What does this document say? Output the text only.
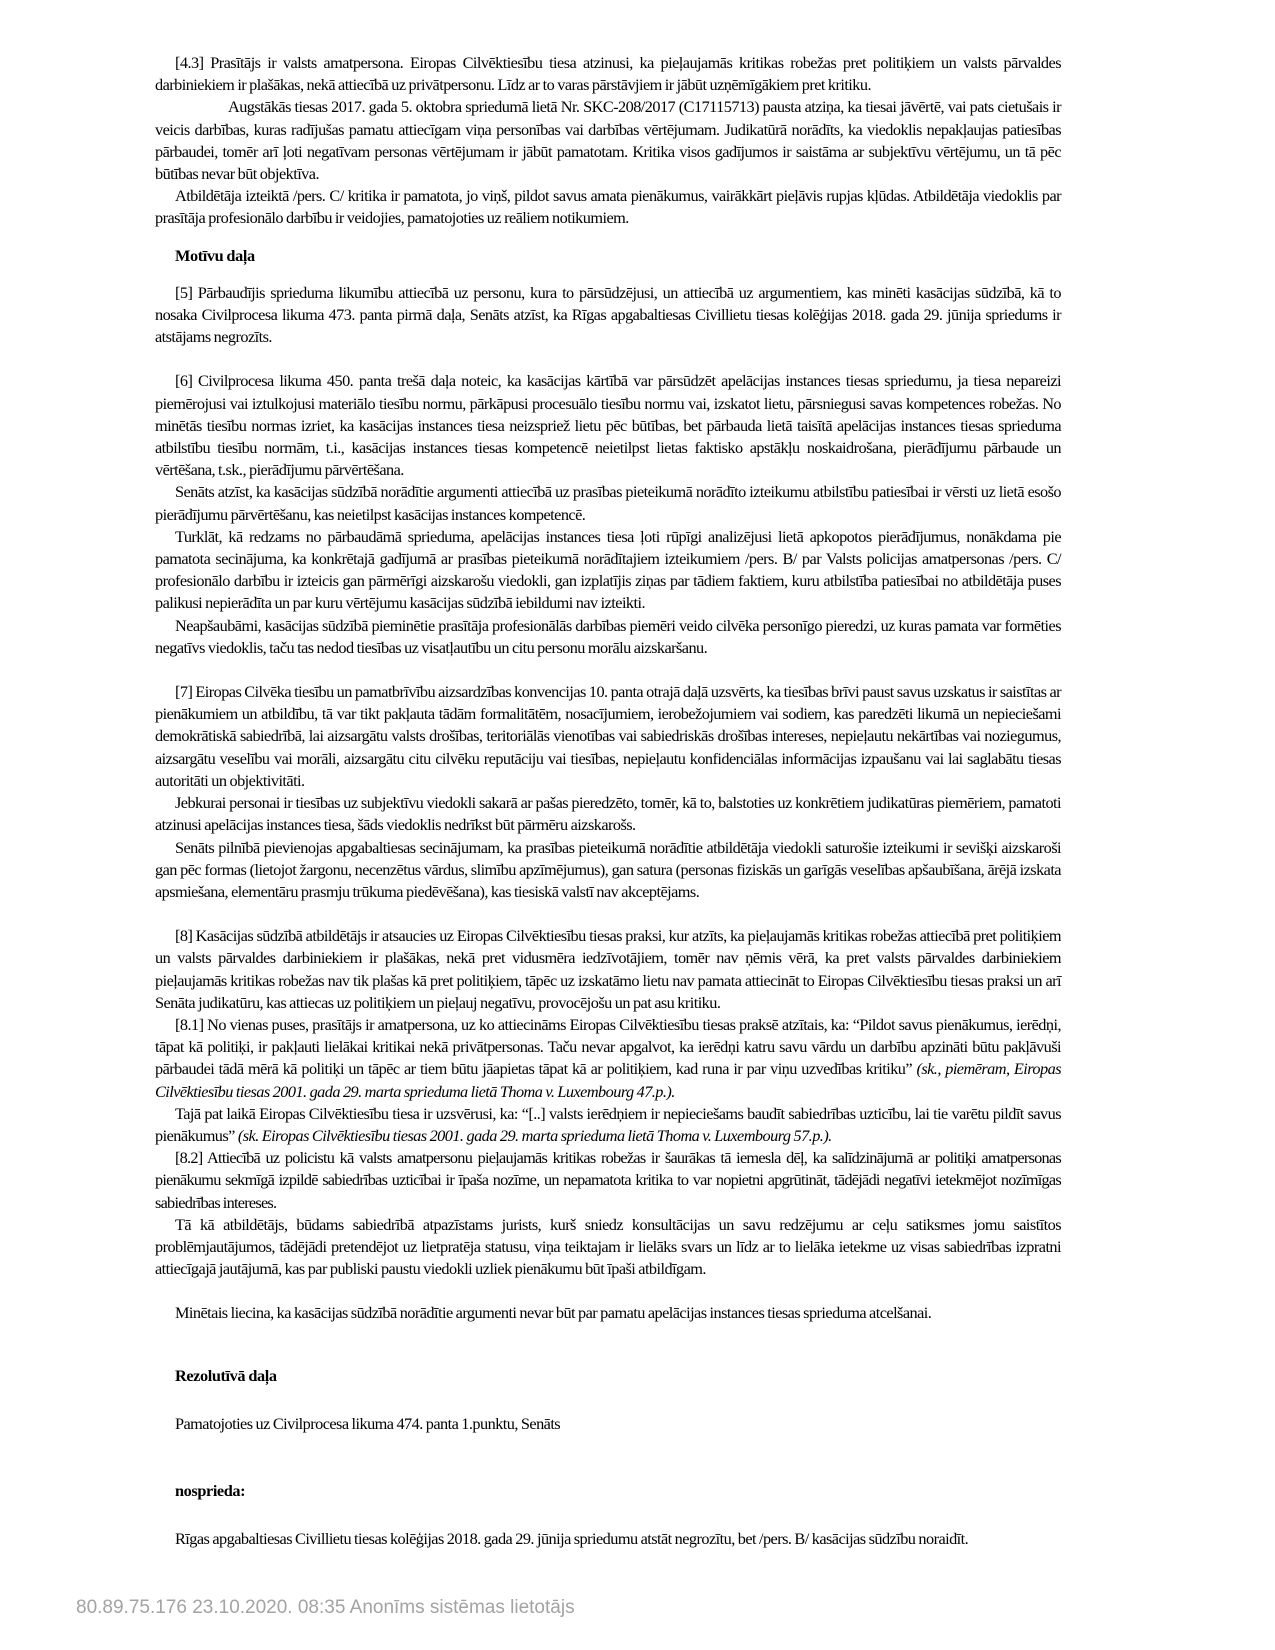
[4.3] Prasītājs ir valsts amatpersona. Eiropas Cilvēktiesību tiesa atzinusi, ka pieļaujamās kritikas robežas pret politiķiem un valsts pārvaldes darbiniekiem ir plašākas, nekā attiecībā uz privātpersonu. Līdz ar to varas pārstāvjiem ir jābūt uzņēmīgākiem pret kritiku.

Augstākās tiesas 2017. gada 5. oktobra spriedumā lietā Nr. SKC-208/2017 (C17115713) pausta atziņa, ka tiesai jāvērtē, vai pats cietušais ir veicis darbības, kuras radījušas pamatu attiecīgam viņa personības vai darbības vērtējumam. Judikatūrā norādīts, ka viedoklis nepakļaujas patiesības pārbaudei, tomēr arī ļoti negatīvam personas vērtējumam ir jābūt pamatotam. Kritika visos gadījumos ir saistāma ar subjektīvu vērtējumu, un tā pēc būtības nevar būt objektīva.

Atbildētāja izteiktā /pers. C/ kritika ir pamatota, jo viņš, pildot savus amata pienākumus, vairākkārt pieļāvis rupjas kļūdas. Atbildētāja viedoklis par prasītāja profesionālo darbību ir veidojies, pamatojoties uz reāliem notikumiem.

Motīvu daļa

[5] Pārbaudījis sprieduma likumību attiecībā uz personu, kura to pārsūdzējusi, un attiecībā uz argumentiem, kas minēti kasācijas sūdzībā, kā to nosaka Civilprocesa likuma 473. panta pirmā daļa, Senāts atzīst, ka Rīgas apgabaltiesas Civillietu tiesas kolēģijas 2018. gada 29. jūnija spriedums ir atstājams negrozīts.

[6] Civilprocesa likuma 450. panta trešā daļa noteic, ka kasācijas kārtībā var pārsūdzēt apelācijas instances tiesas spriedumu, ja tiesa nepareizi piemērojusi vai iztulkojusi materiālo tiesību normu, pārkāpusi procesuālo tiesību normu vai, izskatot lietu, pārsniegusi savas kompetences robežas. No minētās tiesību normas izriet, ka kasācijas instances tiesa neizspriež lietu pēc būtības, bet pārbauda lietā taisītā apelācijas instances tiesas sprieduma atbilstību tiesību normām, t.i., kasācijas instances tiesas kompetencē neietilpst lietas faktisko apstākļu noskaidrošana, pierādījumu pārbaude un vērtēšana, t.sk., pierādījumu pārvērtēšana.

Senāts atzīst, ka kasācijas sūdzībā norādītie argumenti attiecībā uz prasības pieteikumā norādīto izteikumu atbilstību patiesībai ir vērsti uz lietā esošo pierādījumu pārvērtēšanu, kas neietilpst kasācijas instances kompetencē.

Turklāt, kā redzams no pārbaudāmā sprieduma, apelācijas instances tiesa ļoti rūpīgi analizējusi lietā apkopotos pierādījumus, nonākdama pie pamatota secinājuma, ka konkrētajā gadījumā ar prasības pieteikumā norādītajiem izteikumiem /pers. B/ par Valsts policijas amatpersonas /pers. C/ profesionālo darbību ir izteicis gan pārmērīgi aizskarošu viedokli, gan izplatījis ziņas par tādiem faktiem, kuru atbilstība patiesībai no atbildētāja puses palikusi nepierādīta un par kuru vērtējumu kasācijas sūdzībā iebildumi nav izteikti.

Neapšaubāmi, kasācijas sūdzībā pieminētie prasītāja profesionālās darbības piemēri veido cilvēka personīgo pieredzi, uz kuras pamata var formēties negatīvs viedoklis, taču tas nedod tiesības uz visatļautību un citu personu morālu aizskaršanu.

[7] Eiropas Cilvēka tiesību un pamatbrīvību aizsardzības konvencijas 10. panta otrajā daļā uzsvērts, ka tiesības brīvi paust savus uzskatus ir saistītas ar pienākumiem un atbildību, tā var tikt pakļauta tādām formalitātēm, nosacījumiem, ierobežojumiem vai sodiem, kas paredzēti likumā un nepieciešami demokrātiskā sabiedrībā, lai aizsargātu valsts drošības, teritoriālās vienotības vai sabiedriskās drošības intereses, nepieļautu nekārtības vai noziegumus, aizsargātu veselību vai morāli, aizsargātu citu cilvēku reputāciju vai tiesības, nepieļautu konfidenciālas informācijas izpaušanu vai lai saglabātu tiesas autoritāti un objektivitāti.

Jebkurai personai ir tiesības uz subjektīvu viedokli sakarā ar pašas pieredzēto, tomēr, kā to, balstoties uz konkrētiem judikatūras piemēriem, pamatoti atzinusi apelācijas instances tiesa, šāds viedoklis nedrīkst būt pārmēru aizskarošs.

Senāts pilnībā pievienojas apgabaltiesas secinājumam, ka prasības pieteikumā norādītie atbildētāja viedokli saturošie izteikumi ir sevišķi aizskaroši gan pēc formas (lietojot žargonu, necenzētus vārdus, slimību apzīmējumus), gan satura (personas fiziskās un garīgās veselības apšaubīšana, ārējā izskata apsmiešana, elementāru prasmju trūkuma piedēvēšana), kas tiesiskā valstī nav akceptējams.

[8] Kasācijas sūdzībā atbildētājs ir atsaucies uz Eiropas Cilvēktiesību tiesas praksi, kur atzīts, ka pieļaujamās kritikas robežas attiecībā pret politiķiem un valsts pārvaldes darbiniekiem ir plašākas, nekā pret vidusmēra iedzīvotājiem, tomēr nav ņēmis vērā, ka pret valsts pārvaldes darbiniekiem pieļaujamās kritikas robežas nav tik plašas kā pret politiķiem, tāpēc uz izskatāmo lietu nav pamata attiecināt to Eiropas Cilvēktiesību tiesas praksi un arī Senāta judikatūru, kas attiecas uz politiķiem un pieļauj negatīvu, provocējošu un pat asu kritiku.

[8.1] No vienas puses, prasītājs ir amatpersona, uz ko attiecināms Eiropas Cilvēktiesību tiesas praksē atzītais, ka: “Pildot savus pienākumus, ierēdņi, tāpat kā politiķi, ir pakļauti lielākai kritikai nekā privātpersonas. Taču nevar apgalvot, ka ierēdņi katru savu vārdu un darbību apzināti būtu pakļāvuši pārbaudei tādā mērā kā politiķi un tāpēc ar tiem būtu jāapietas tāpat kā ar politiķiem, kad runa ir par viņu uzvedības kritiku” (sk., piemēram, Eiropas Cilvēktiesību tiesas 2001. gada 29. marta sprieduma lietā Thoma v. Luxembourg 47.p.).

Tajā pat laikā Eiropas Cilvēktiesību tiesa ir uzsvērusi, ka: “[..] valsts ierēdņiem ir nepieciešams baudīt sabiedrības uzticību, lai tie varētu pildīt savus pienākumus” (sk. Eiropas Cilvēktiesību tiesas 2001. gada 29. marta sprieduma lietā Thoma v. Luxembourg 57.p.).

[8.2] Attiecībā uz policistu kā valsts amatpersonu pieļaujamās kritikas robežas ir šaurākas tā iemesla dēļ, ka salīdzinājumā ar politiķi amatpersonas pienākumu sekmīgā izpildē sabiedrības uzticībai ir īpaša nozīme, un nepamatota kritika to var nopietni apgrūtināt, tādējādi negatīvi ietekmējot nozīmīgas sabiedrības intereses.

Tā kā atbildētājs, būdams sabiedrībā atpazīstams jurists, kurš sniedz konsultācijas un savu redzējumu ar ceļu satiksmes jomu saistītos problēmjautājumos, tādējādi pretendējot uz lietpratēja statusu, viņa teiktajam ir lielāks svars un līdz ar to lielāka ietekme uz visas sabiedrības izpratni attiecīgajā jautājumā, kas par publiski paustu viedokli uzliek pienākumu būt īpaši atbildīgam.

Minētais liecina, ka kasācijas sūdzībā norādītie argumenti nevar būt par pamatu apelācijas instances tiesas sprieduma atcelšanai.

Rezolutīvā daļa

Pamatojoties uz Civilprocesa likuma 474. panta 1.punktu, Senāts

nosprieda:

Rīgas apgabaltiesas Civillietu tiesas kolēģijas 2018. gada 29. jūnija spriedumu atstāt negrozītu, bet /pers. B/ kasācijas sūdzību noraidīt.

80.89.75.176 23.10.2020. 08:35 Anonīms sistēmas lietotājs
